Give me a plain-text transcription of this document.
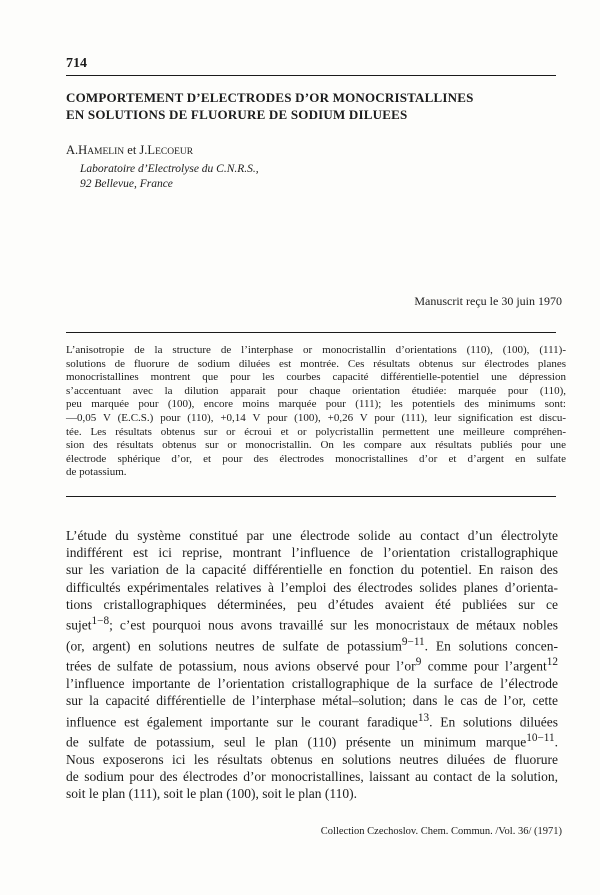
714
COMPORTEMENT D’ELECTRODES D’OR MONOCRISTALLINES
EN SOLUTIONS DE FLUORURE DE SODIUM DILUEES
A.HAMELIN et J.LECOEUR
Laboratoire d’Electrolyse du C.N.R.S.,
92 Bellevue, France
Manuscrit reçu le 30 juin 1970
L’anisotropie de la structure de l’interphase or monocristallin d’orientations (110), (100), (111)-
solutions de fluorure de sodium diluées est montrée. Ces résultats obtenus sur électrodes planes
monocristallines montrent que pour les courbes capacité différentielle-potentiel une dépression
s’accentuant avec la dilution apparait pour chaque orientation étudiée: marquée pour (110),
peu marquée pour (100), encore moins marquée pour (111); les potentiels des minimums sont:
—0,05 V (E.C.S.) pour (110), +0,14 V pour (100), +0,26 V pour (111), leur signification est discu-
tée. Les résultats obtenus sur or écroui et or polycristallin permettent une meilleure compréhen-
sion des résultats obtenus sur or monocristallin. On les compare aux résultats publiés pour une
électrode sphérique d’or, et pour des électrodes monocristallines d’or et d’argent en sulfate
de potassium.
L’étude du système constitué par une électrode solide au contact d’un électrolyte
indifférent est ici reprise, montrant l’influence de l’orientation cristallographique
sur les variation de la capacité différentielle en fonction du potentiel. En raison des
difficultés expérimentales relatives à l’emploi des électrodes solides planes d’orienta-
tions cristallographiques déterminées, peu d’études avaient été publiées sur ce
sujet$^{1-8}$; c’est pourquoi nous avons travaillé sur les monocristaux de métaux nobles
(or, argent) en solutions neutres de sulfate de potassium$^{9-11}$. En solutions concen-
trées de sulfate de potassium, nous avions observé pour $l’or^9$ comme pour l’argent$^{12}$
l’influence importante de l’orientation cristallographique de la surface de l’électrode
sur la capacité différentielle de l’interphase métal–solution; dans le cas de l’or, cette
influence est également importante sur le courant faradique$^{13}$. En solutions diluées
de sulfate de potassium, seul le plan (110) présente un minimum marque$^{10-11}$.
Nous exposerons ici les résultats obtenus en solutions neutres diluées de fluorure
de sodium pour des électrodes d’or monocristallines, laissant au contact de la solution,
soit le plan (111), soit le plan (100), soit le plan (110).
Collection Czechoslov. Chem. Commun. /Vol. 36/ (1971)
